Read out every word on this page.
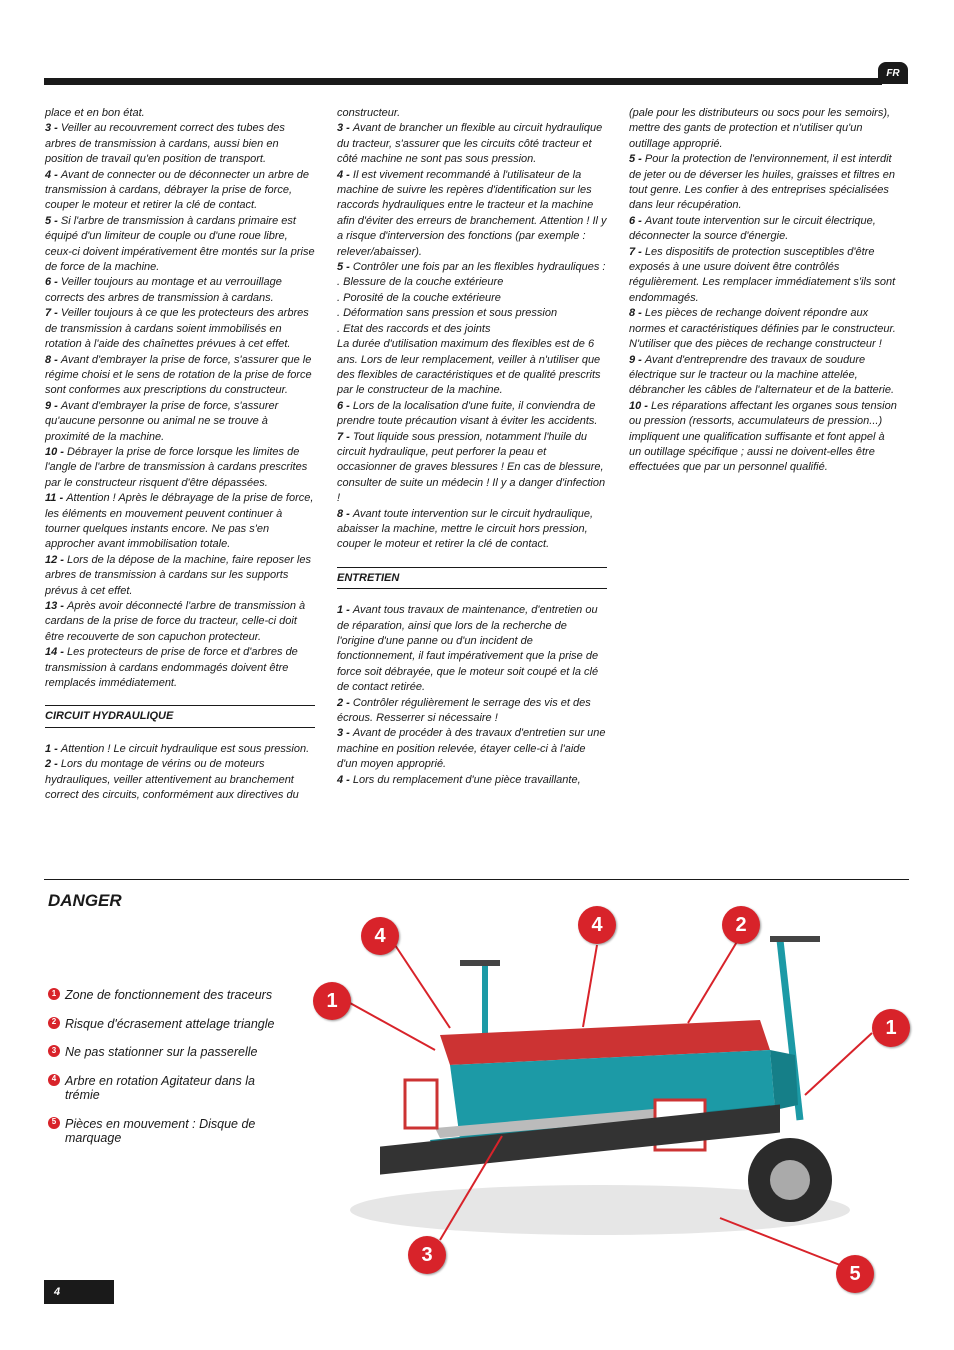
FR

place et en bon état.

3 - Veiller au recouvrement correct des tubes des arbres de transmission à cardans, aussi bien en position de travail qu'en position de transport.

4 - Avant de connecter ou de déconnecter un arbre de transmission à cardans, débrayer la prise de force, couper le moteur et retirer la clé de contact.

5 - Si l'arbre de transmission à cardans primaire est équipé d'un limiteur de couple ou d'une roue libre, ceux-ci doivent impérativement être montés sur la prise de force de la machine.

6 - Veiller toujours au montage et au verrouillage corrects des arbres de transmission à cardans.

7 - Veiller toujours à ce que les protecteurs des arbres de transmission à cardans soient immobilisés en rotation à l'aide des chaînettes prévues à cet effet.

8 - Avant d'embrayer la prise de force, s'assurer que le régime choisi et le sens de rotation de la prise de force sont conformes aux prescriptions du constructeur.

9 - Avant d'embrayer la prise de force, s'assurer qu'aucune personne ou animal ne se trouve à proximité de la machine.

10 - Débrayer la prise de force lorsque les limites de l'angle de l'arbre de transmission à cardans prescrites par le constructeur risquent d'être dépassées.

11 - Attention ! Après le débrayage de la prise de force, les éléments en mouvement peuvent continuer à tourner quelques instants encore. Ne pas s'en approcher avant immobilisation totale.

12 - Lors de la dépose de la machine, faire reposer les arbres de transmission à cardans sur les supports prévus à cet effet.

13 - Après avoir déconnecté l'arbre de transmission à cardans de la prise de force du tracteur, celle-ci doit être recouverte de son capuchon protecteur.

14 - Les protecteurs de prise de force et d'arbres de transmission à cardans endommagés doivent être remplacés immédiatement.

CIRCUIT HYDRAULIQUE

1 - Attention ! Le circuit hydraulique est sous pression.

2 - Lors du montage de vérins ou de moteurs hydrauliques, veiller attentivement au branchement correct des circuits, conformément aux directives du

constructeur.

3 - Avant de brancher un flexible au circuit hydraulique du tracteur, s'assurer que les circuits côté tracteur et côté machine ne sont pas sous pression.

4 - Il est vivement recommandé à l'utilisateur de la machine de suivre les repères d'identification sur les raccords hydrauliques entre le tracteur et la machine afin d'éviter des erreurs de branchement. Attention ! Il y a risque d'interversion des fonctions (par exemple : relever/abaisser).

5 - Contrôler une fois par an les flexibles hydrauliques :

. Blessure de la couche extérieure

. Porosité de la couche extérieure

. Déformation sans pression et sous pression

. Etat des raccords et des joints

La durée d'utilisation maximum des flexibles est de 6 ans. Lors de leur remplacement, veiller à n'utiliser que des flexibles de caractéristiques et de qualité prescrits par le constructeur de la machine.

6 - Lors de la localisation d'une fuite, il conviendra de prendre toute précaution visant à éviter les accidents.

7 - Tout liquide sous pression, notamment l'huile du circuit hydraulique, peut perforer la peau et occasionner de graves blessures ! En cas de blessure, consulter de suite un médecin ! Il y a danger d'infection !

8 - Avant toute intervention sur le circuit hydraulique, abaisser la machine, mettre le circuit hors pression, couper le moteur et retirer la clé de contact.

ENTRETIEN

1 - Avant tous travaux de maintenance, d'entretien ou de réparation, ainsi que lors de la recherche de l'origine d'une panne ou d'un incident de fonctionnement, il faut impérativement que la prise de force soit débrayée, que le moteur soit coupé et la clé de contact retirée.

2 - Contrôler régulièrement le serrage des vis et des écrous. Resserrer si nécessaire !

3 - Avant de procéder à des travaux d'entretien sur une machine en position relevée, étayer celle-ci à l'aide d'un moyen approprié.

4 - Lors du remplacement d'une pièce travaillante,

(pale pour les distributeurs ou socs pour les semoirs), mettre des gants de protection et n'utiliser qu'un outillage approprié.

5 - Pour la protection de l'environnement, il est interdit de jeter ou de déverser les huiles, graisses et filtres en tout genre. Les confier à des entreprises spécialisées dans leur récupération.

6 - Avant toute intervention sur le circuit électrique, déconnecter la source d'énergie.

7 - Les dispositifs de protection susceptibles d'être exposés à une usure doivent être contrôlés régulièrement. Les remplacer immédiatement s'ils sont endommagés.

8 - Les pièces de rechange doivent répondre aux normes et caractéristiques définies par le constructeur. N'utiliser que des pièces de rechange constructeur !

9 - Avant d'entreprendre des travaux de soudure électrique sur le tracteur ou la machine attelée, débrancher les câbles de l'alternateur et de la batterie.

10 - Les réparations affectant les organes sous tension ou pression (ressorts, accumulateurs de pression...) impliquent une qualification suffisante et font appel à un outillage spécifique ; aussi ne doivent-elles être effectuées que par un personnel qualifié.

DANGER
1 Zone de fonctionnement des traceurs
2 Risque d'écrasement attelage triangle
3 Ne pas stationner sur la passerelle
4 Arbre en rotation Agitateur dans la trémie
5 Pièces en mouvement : Disque de marquage
4	4	2
1
1
3
5
4
